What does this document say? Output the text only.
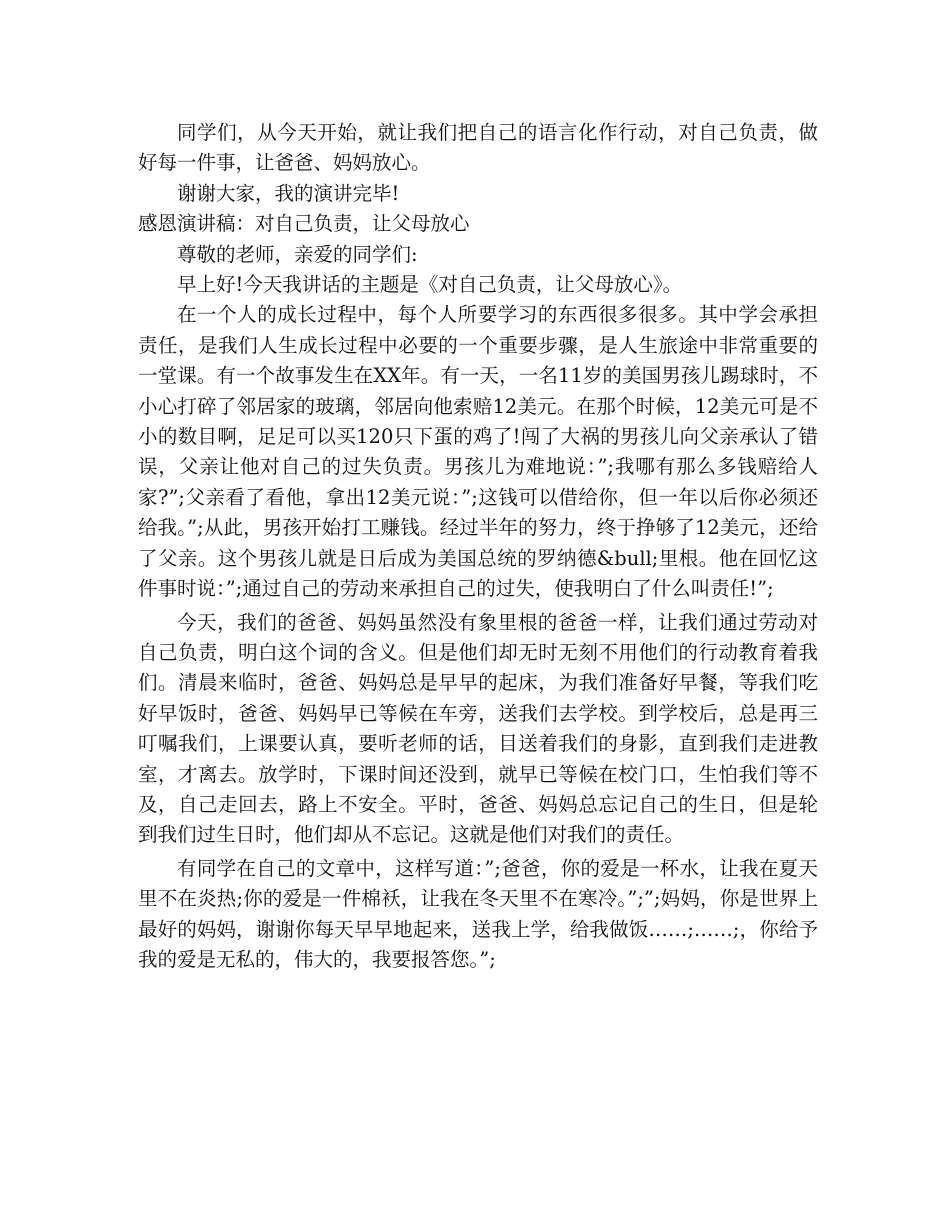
同学们，从今天开始，就让我们把自己的语言化作行动，对自己负责，做好每一件事，让爸爸、妈妈放心。

谢谢大家，我的演讲完毕!

感恩演讲稿：对自己负责，让父母放心

尊敬的老师，亲爱的同学们:

早上好!今天我讲话的主题是《对自己负责，让父母放心》。

在一个人的成长过程中，每个人所要学习的东西很多很多。其中学会承担责任，是我们人生成长过程中必要的一个重要步骤，是人生旅途中非常重要的一堂课。有一个故事发生在XX年。有一天，一名11岁的美国男孩儿踢球时，不小心打碎了邻居家的玻璃，邻居向他索赔12美元。在那个时候，12美元可是不小的数目啊，足足可以买120只下蛋的鸡了!闯了大祸的男孩儿向父亲承认了错误，父亲让他对自己的过失负责。男孩儿为难地说：”;我哪有那么多钱赔给人家?”;父亲看了看他，拿出12美元说：”;这钱可以借给你，但一年以后你必须还给我。”;从此，男孩开始打工赚钱。经过半年的努力，终于挣够了12美元，还给了父亲。这个男孩儿就是日后成为美国总统的罗纳德&bull;里根。他在回忆这件事时说：”;通过自己的劳动来承担自己的过失，使我明白了什么叫责任!”;

今天，我们的爸爸、妈妈虽然没有象里根的爸爸一样，让我们通过劳动对自己负责，明白这个词的含义。但是他们却无时无刻不用他们的行动教育着我们。清晨来临时，爸爸、妈妈总是早早的起床，为我们准备好早餐，等我们吃好早饭时，爸爸、妈妈早已等候在车旁，送我们去学校。到学校后，总是再三叮嘱我们，上课要认真，要听老师的话，目送着我们的身影，直到我们走进教室，才离去。放学时，下课时间还没到，就早已等候在校门口，生怕我们等不及，自己走回去，路上不安全。平时，爸爸、妈妈总忘记自己的生日，但是轮到我们过生日时，他们却从不忘记。这就是他们对我们的责任。

有同学在自己的文章中，这样写道：”;爸爸，你的爱是一杯水，让我在夏天里不在炎热;你的爱是一件棉袄，让我在冬天里不在寒冷。”;”;妈妈，你是世界上最好的妈妈，谢谢你每天早早地起来，送我上学，给我做饭……;……;，你给予我的爱是无私的，伟大的，我要报答您。”;
